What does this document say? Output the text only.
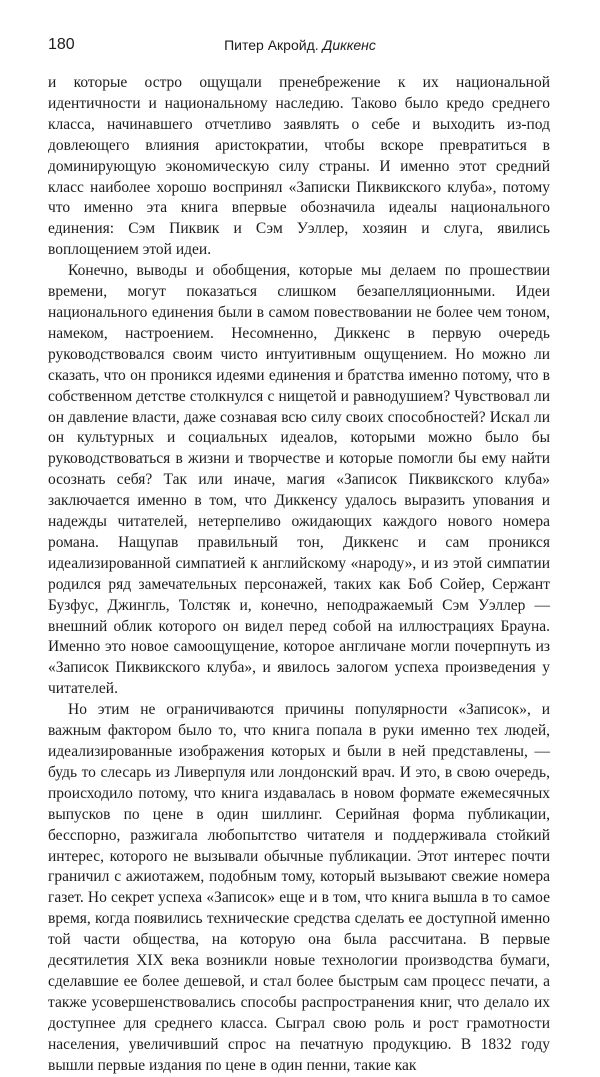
180	Питер Акройд. Диккенс

и которые остро ощущали пренебрежение к их национальной идентичности и национальному наследию. Таково было кредо среднего класса, начинавшего отчетливо заявлять о себе и выходить из-под довлеющего влияния аристократии, чтобы вскоре превратиться в доминирующую экономическую силу страны. И именно этот средний класс наиболее хорошо воспринял «Записки Пиквикского клуба», потому что именно эта книга впервые обозначила идеалы национального единения: Сэм Пиквик и Сэм Уэллер, хозяин и слуга, явились воплощением этой идеи.

Конечно, выводы и обобщения, которые мы делаем по прошествии времени, могут показаться слишком безапелляционными. Идеи национального единения были в самом повествовании не более чем тоном, намеком, настроением. Несомненно, Диккенс в первую очередь руководствовался своим чисто интуитивным ощущением. Но можно ли сказать, что он проникся идеями единения и братства именно потому, что в собственном детстве столкнулся с нищетой и равнодушием? Чувствовал ли он давление власти, даже сознавая всю силу своих способностей? Искал ли он культурных и социальных идеалов, которыми можно было бы руководствоваться в жизни и творчестве и которые помогли бы ему найти осознать себя? Так или иначе, магия «Записок Пиквикского клуба» заключается именно в том, что Диккенсу удалось выразить упования и надежды читателей, нетерпеливо ожидающих каждого нового номера романа. Нащупав правильный тон, Диккенс и сам проникся идеализированной симпатией к английскому «народу», и из этой симпатии родился ряд замечательных персонажей, таких как Боб Сойер, Сержант Бузфус, Джингль, Толстяк и, конечно, неподражаемый Сэм Уэллер — внешний облик которого он видел перед собой на иллюстрациях Брауна. Именно это новое самоощущение, которое англичане могли почерпнуть из «Записок Пиквикского клуба», и явилось залогом успеха произведения у читателей.

Но этим не ограничиваются причины популярности «Записок», и важным фактором было то, что книга попала в руки именно тех людей, идеализированные изображения которых и были в ней представлены, — будь то слесарь из Ливерпуля или лондонский врач. И это, в свою очередь, происходило потому, что книга издавалась в новом формате ежемесячных выпусков по цене в один шиллинг. Серийная форма публикации, бесспорно, разжигала любопытство читателя и поддерживала стойкий интерес, которого не вызывали обычные публикации. Этот интерес почти граничил с ажиотажем, подобным тому, который вызывают свежие номера газет. Но секрет успеха «Записок» еще и в том, что книга вышла в то самое время, когда появились технические средства сделать ее доступной именно той части общества, на которую она была рассчитана. В первые десятилетия XIX века возникли новые технологии производства бумаги, сделавшие ее более дешевой, и стал более быстрым сам процесс печати, а также усовершенствовались способы распространения книг, что делало их доступнее для среднего класса. Сыграл свою роль и рост грамотности населения, увеличивший спрос на печатную продукцию. В 1832 году вышли первые издания по цене в один пенни, такие как
